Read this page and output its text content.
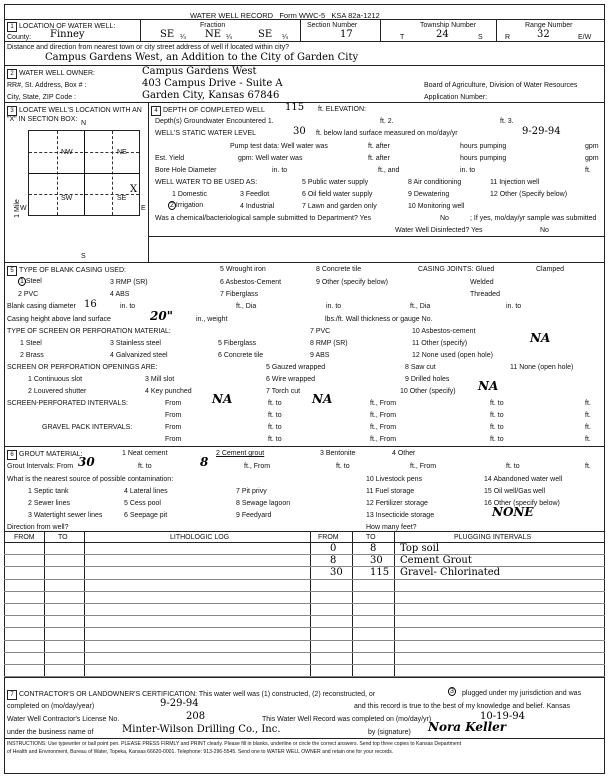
WATER WELL RECORD Form WWC-5 KSA 82a-1212
1 LOCATION OF WATER WELL:
County: Finney
Fraction
SE ¼ NE ¼	SE ¼
Section Number
17
Township Number
T	24	S
Range Number
R	32	E/W
Distance and direction from nearest town or city street address of well if located within city?
Campus Gardens West, an Addition to the City of Garden City
2 WATER WELL OWNER:	Campus Gardens West
RR#, St. Address, Box # :	403 Campus Drive - Suite A
City, State, ZIP Code :	Garden City, Kansas 67846
Board of Agriculture, Division of Water Resources
Application Number:
3 LOCATE WELL'S LOCATION WITH AN "X" IN SECTION BOX:
N
S
W	E
1 Mile
NW	NE
SW	SE
X
4 DEPTH OF COMPLETED WELL 115 ft. ELEVATION:
Depth(s) Groundwater Encountered 1.	ft. 2.	ft. 3.
WELL'S STATIC WATER LEVEL	30 ft. below land surface measured on mo/day/yr	9-29-94
Pump test data: Well water was	ft. after	hours pumping	gpm
Est. Yield	gpm: Well water was	ft. after	hours pumping	gpm
Bore Hole Diameter	in. to	ft., and	in. to	ft.
WELL WATER TO BE USED AS:	5 Public water supply	8 Air conditioning	11 Injection well
1 Domestic	3 Feedlot	6 Oil field water supply	9 Dewatering	12 Other (Specify below)
2 Irrigation	4 Industrial	7 Lawn and garden only	10 Monitoring well
Was a chemical/bacteriological sample submitted to Department? Yes	No	; If yes, mo/day/yr sample was submitted
Water Well Disinfected? Yes	No
5 TYPE OF BLANK CASING USED:
1 Steel	3 RMP (SR)
5 Wrought iron	8 Concrete tile	CASING JOINTS: Glued	Clamped
6 Asbestos-Cement	9 Other (specify below)	Welded
2 PVC	4 ABS	7 Fiberglass	Threaded
Blank casing diameter 16	in. to	ft., Dia	in. to	ft., Dia	in. to
Casing height above land surface	20"	in., weight	lbs./ft. Wall thickness or gauge No.
TYPE OF SCREEN OR PERFORATION MATERIAL:	7 PVC	10 Asbestos-cement
1 Steel	3 Stainless steel	5 Fiberglass	8 RMP (SR)	11 Other (specify)	NA
2 Brass	4 Galvanized steel	6 Concrete tile	9 ABS	12 None used (open hole)
SCREEN OR PERFORATION OPENINGS ARE:	5 Gauzed wrapped	8 Saw cut	11 None (open hole)
1 Continuous slot	3 Mill slot	6 Wire wrapped	9 Drilled holes
2 Louvered shutter	4 Key punched	7 Torch cut	10 Other (specify) NA
SCREEN-PERFORATED INTERVALS:	From	NA	ft. to	NA	ft., From	ft. to	ft.
From	ft. to	ft., From	ft. to	ft.
GRAVEL PACK INTERVALS:	From	ft. to	ft., From	ft. to	ft.
From	ft. to	ft., From	ft. to	ft.
6 GROUT MATERIAL:	1 Neat cement	2 Cement grout	3 Bentonite	4 Other
Grout Intervals: From 30	ft. to	8	ft., From	ft. to	ft., From	ft. to	ft.
What is the nearest source of possible contamination:	10 Livestock pens	14 Abandoned water well
1 Septic tank	4 Lateral lines	7 Pit privy	11 Fuel storage	15 Oil well/Gas well
2 Sewer lines	5 Cess pool	8 Sewage lagoon	12 Fertilizer storage	16 Other (specify below)
3 Watertight sewer lines	6 Seepage pit	9 Feedyard	13 Insecticide storage	NONE
Direction from well?	How many feet?
FROM	TO	LITHOLOGIC LOG	FROM	TO	PLUGGING INTERVALS
0	8 Top soil
8	30 Cement Grout
30	115 Gravel- Chlorinated
7 CONTRACTOR'S OR LANDOWNER'S CERTIFICATION: This water well was (1) constructed, (2) reconstructed, or	3 plugged under my jurisdiction and was
completed on (mo/day/year)	9-29-94	and this record is true to the best of my knowledge and belief. Kansas
Water Well Contractor's License No.	208	This Water Well Record was completed on (mo/day/yr)	10-19-94
under the business name of	Minter-Wilson Drilling Co., Inc.	by (signature) Nora Keller
INSTRUCTIONS: Use typewriter or ball point pen. PLEASE PRESS FIRMLY and PRINT clearly. Please fill in blanks, underline or circle the correct answers. Send top three copies to Kansas Department
of Health and Environment, Bureau of Water, Topeka, Kansas 66620-0001. Telephone: 913-296-5545. Send one to WATER WELL OWNER and retain one for your records.
